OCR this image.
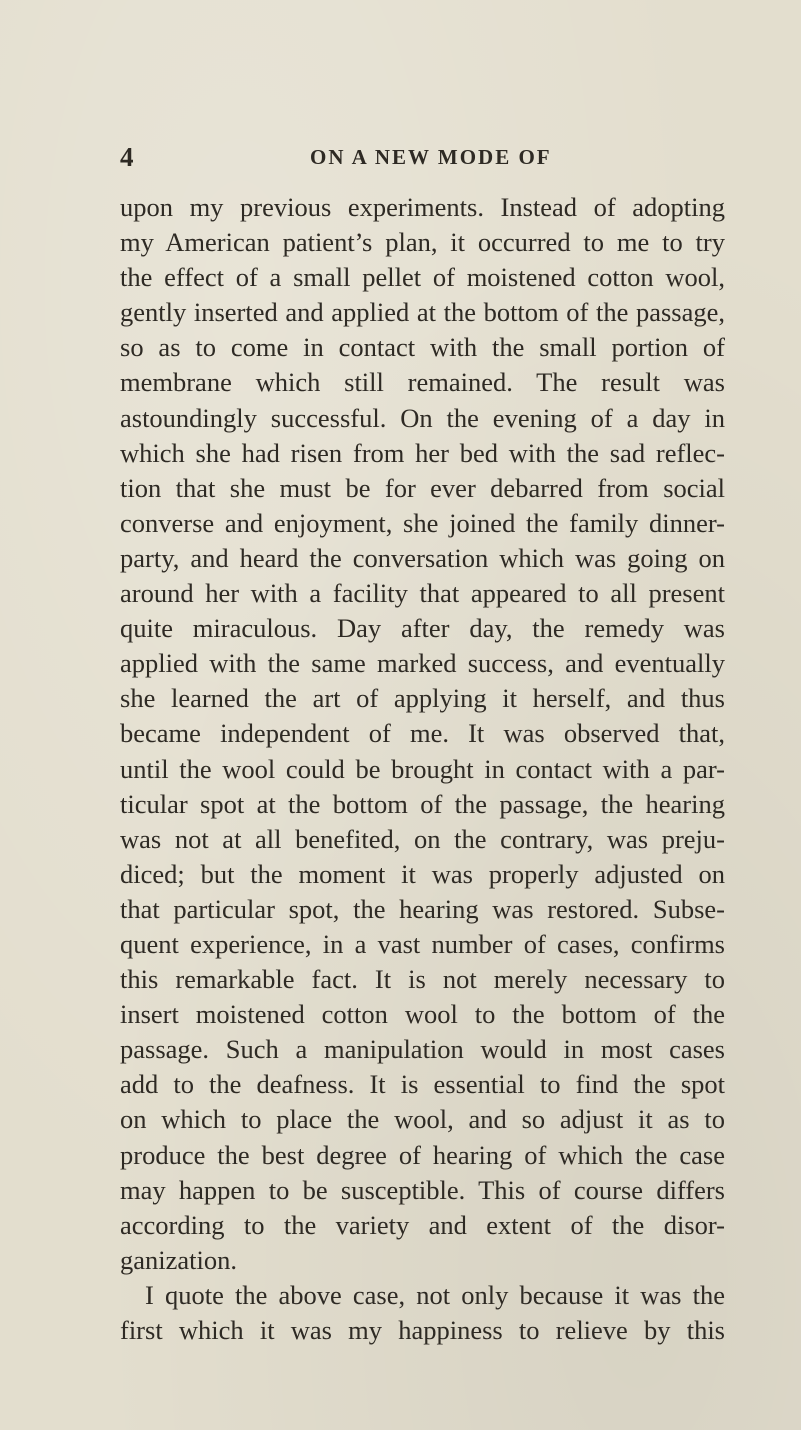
4	ON A NEW MODE OF
upon my previous experiments. Instead of adopting
my American patient’s plan, it occurred to me to try
the effect of a small pellet of moistened cotton wool,
gently inserted and applied at the bottom of the passage,
so as to come in contact with the small portion of
membrane which still remained. The result was
astoundingly successful. On the evening of a day in
which she had risen from her bed with the sad reflec-
tion that she must be for ever debarred from social
converse and enjoyment, she joined the family dinner-
party, and heard the conversation which was going on
around her with a facility that appeared to all present
quite miraculous. Day after day, the remedy was
applied with the same marked success, and eventually
she learned the art of applying it herself, and thus
became independent of me. It was observed that,
until the wool could be brought in contact with a par-
ticular spot at the bottom of the passage, the hearing
was not at all benefited, on the contrary, was preju-
diced; but the moment it was properly adjusted on
that particular spot, the hearing was restored. Subse-
quent experience, in a vast number of cases, confirms
this remarkable fact. It is not merely necessary to
insert moistened cotton wool to the bottom of the
passage. Such a manipulation would in most cases
add to the deafness. It is essential to find the spot
on which to place the wool, and so adjust it as to
produce the best degree of hearing of which the case
may happen to be susceptible. This of course differs
according to the variety and extent of the disor-
ganization.
I quote the above case, not only because it was the
first which it was my happiness to relieve by this
